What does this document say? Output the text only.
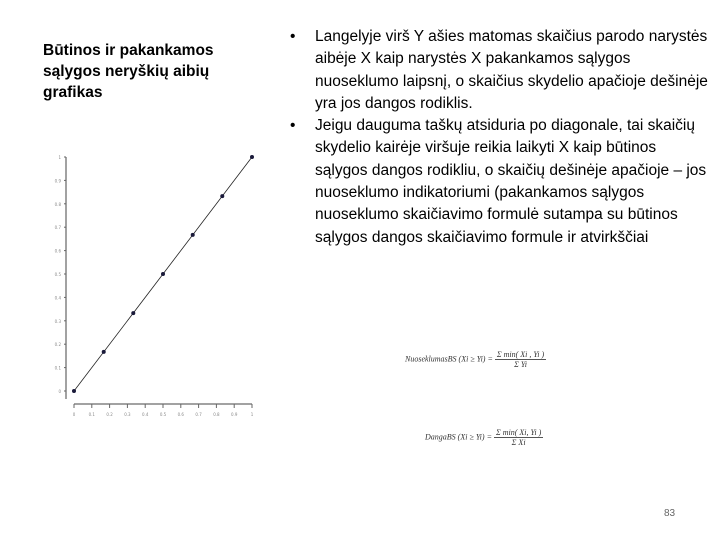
Būtinos ir pakankamos sąlygos neryškių aibių grafikas
• Langelyje virš Y ašies matomas skaičius parodo narystės aibėje X kaip narystės X pakankamos sąlygos nuoseklumo laipsnį, o skaičius skydelio apačioje dešinėje yra jos dangos rodiklis.
• Jeigu dauguma taškų atsiduria po diagonale, tai skaičių skydelio kairėje viršuje reikia laikyti X kaip būtinos sąlygos dangos rodikliu, o skaičių dešinėje apačioje – jos nuoseklumo indikatoriumi (pakankamos sąlygos nuoseklumo skaičiavimo formulė sutampa su būtinos sąlygos dangos skaičiavimo formule ir atvirkščiai
0
0.1
0.2
0.3
0.4
0.5
0.6
0.7
0.8
0.9
1
0	0.1	0.2	0.3	0.4	0.5	0.6	0.7	0.8	0.9	1
NuoseklumasBS $(Xi \ge Yi) = \frac{\text{Σ min( Xi , Yi )}}{\text{Σ Yi}}$
DangaBS $(Xi \ge Yi) = \frac{\text{Σ min( Xi, Yi )}}{\text{Σ Xi}}$
83
